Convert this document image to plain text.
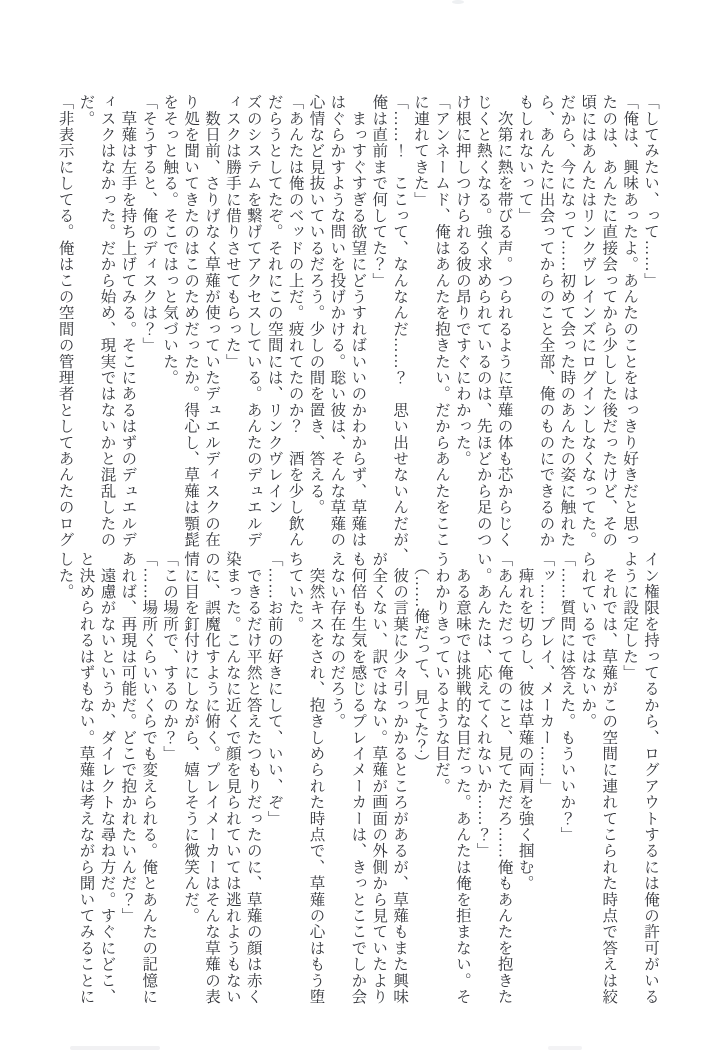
「してみたい、って……」

「俺は、興味あったよ。あんたのことをはっきり好きだと思っ

たのは、あんたに直接会ってから少しした後だったけど、その

頃にはあんたはリンクヴレインズにログインしなくなってた。

だから、今になって……初めて会った時のあんたの姿に触れた

ら、あんたに出会ってからのこと全部、俺のものにできるのか

もしれないって」

　次第に熱を帯びる声。つられるように草薙の体も芯からじく

じくと熱くなる。強く求められているのは、先ほどから足のつ

け根に押しつけられる彼の昂りですぐにわかった。

「アンネームド、俺はあんたを抱きたい。だからあんたをここ

に連れてきた」

「……！　ここって、なんなんだ……？　思い出せないんだが、

俺は直前まで何してた？」

　まっすぐすぎる欲望にどうすればいいのかわからず、草薙は

はぐらかすような問いを投げかける。聡い彼は、そんな草薙の

心情など見抜いているだろう。少しの間を置き、答える。

「あんたは俺のベッドの上だ。疲れてたのか？　酒を少し飲ん

だらうとしてたぞ。それにこの空間には、リンクヴレイン

ズのシステムを繋げてアクセスしている。あんたのデュエルデ

ィスクは勝手に借りさせてもらった」

　数日前、さりげなく草薙が使っていたデュエルディスクの在

り処を聞いてきたのはこのためだったか。得心し、草薙は顎髭

をそっと触る。そこではっと気づいた。

「そうすると、俺のディスクは？」

　草薙は左手を持ち上げてみる。そこにあるはずのデュエルデ

ィスクはなかった。だから始め、現実ではないかと混乱したの

だ。

「非表示にしてる。俺はこの空間の管理者としてあんたのログ

イン権限を持ってるから、ログアウトするには俺の許可がいる

ように設定した」

　それでは、草薙がこの空間に連れてこられた時点で答えは絞

られているではないか。

「……質問には答えた。もういいか？」

「ッ……プレイ、メーカー……」

　痺れを切らし、彼は草薙の両肩を強く掴む。

「あんただって俺のこと、見てただろ……俺もあんたを抱きた

い。あんたは、応えてくれないか……？」

　ある意味では挑戦的な目だった。あんたは俺を拒まない。そ

うわかりきっているような目だ。

　（……俺だって、見てた？）

　彼の言葉に少々引っかかるところがあるが、草薙もまた興味

が全くない、訳ではない。草薙が画面の外側から見ていたより

も何倍も生気を感じるプレイメーカーは、きっとここでしか会

えない存在なのだろう。

　突然キスをされ、抱きしめられた時点で、草薙の心はもう堕

ちていた。

「……お前の好きにして、いい、ぞ」

　できるだけ平然と答えたつもりだったのに、草薙の顔は赤く

染まった。こんなに近くで顔を見られていては逃れようもない

のに、誤魔化すように俯く。プレイメーカーはそんな草薙の表

情に目を釘付けにしながら、嬉しそうに微笑んだ。

「この場所で、するのか？」

「……場所くらいいくらでも変えられる。俺とあんたの記憶に

あれば、再現は可能だ。どこで抱かれたいんだ？」

　遠慮がないというか、ダイレクトな尋ね方だ。すぐにどこ、

と決められるはずもない。草薙は考えながら聞いてみることに

した。
